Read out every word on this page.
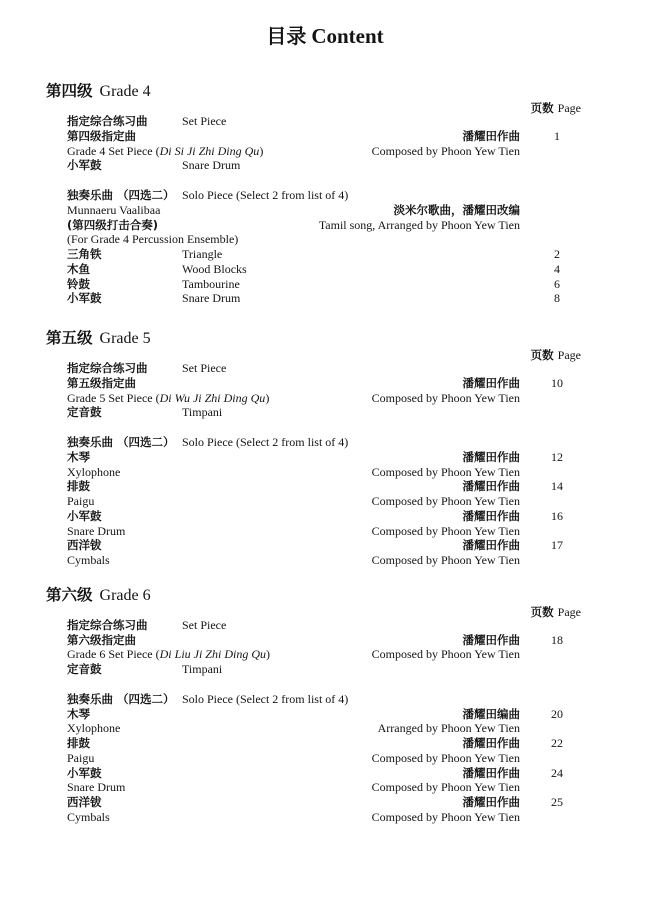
目录 Content
第四级 Grade 4
页数 Page
指定综合练习曲	Set Piece
第四级指定曲	潘耀田作曲	1
Grade 4 Set Piece (Di Si Ji Zhi Ding Qu)	Composed by Phoon Yew Tien
小军鼓	Snare Drum
独奏乐曲 （四选二） Solo Piece (Select 2 from list of 4)
Munnaeru Vaalibaa	淡米尔歌曲，潘耀田改编
(第四级打击合奏)	Tamil song, Arranged by Phoon Yew Tien
(For Grade 4 Percussion Ensemble)
三角铁	Triangle	2
木鱼	Wood Blocks	4
铃鼓	Tambourine	6
小军鼓	Snare Drum	8
第五级 Grade 5
页数 Page
指定综合练习曲	Set Piece
第五级指定曲	潘耀田作曲	10
Grade 5 Set Piece (Di Wu Ji Zhi Ding Qu)	Composed by Phoon Yew Tien
定音鼓	Timpani
独奏乐曲 （四选二） Solo Piece (Select 2 from list of 4)
木琴	潘耀田作曲	12
Xylophone	Composed by Phoon Yew Tien
排鼓	潘耀田作曲	14
Paigu	Composed by Phoon Yew Tien
小军鼓	潘耀田作曲	16
Snare Drum	Composed by Phoon Yew Tien
西洋钹	潘耀田作曲	17
Cymbals	Composed by Phoon Yew Tien
第六级 Grade 6
页数 Page
指定综合练习曲	Set Piece
第六级指定曲	潘耀田作曲	18
Grade 6 Set Piece (Di Liu Ji Zhi Ding Qu)	Composed by Phoon Yew Tien
定音鼓	Timpani
独奏乐曲 （四选二） Solo Piece (Select 2 from list of 4)
木琴	潘耀田编曲	20
Xylophone	Arranged by Phoon Yew Tien
排鼓	潘耀田作曲	22
Paigu	Composed by Phoon Yew Tien
小军鼓	潘耀田作曲	24
Snare Drum	Composed by Phoon Yew Tien
西洋钹	潘耀田作曲	25
Cymbals	Composed by Phoon Yew Tien
